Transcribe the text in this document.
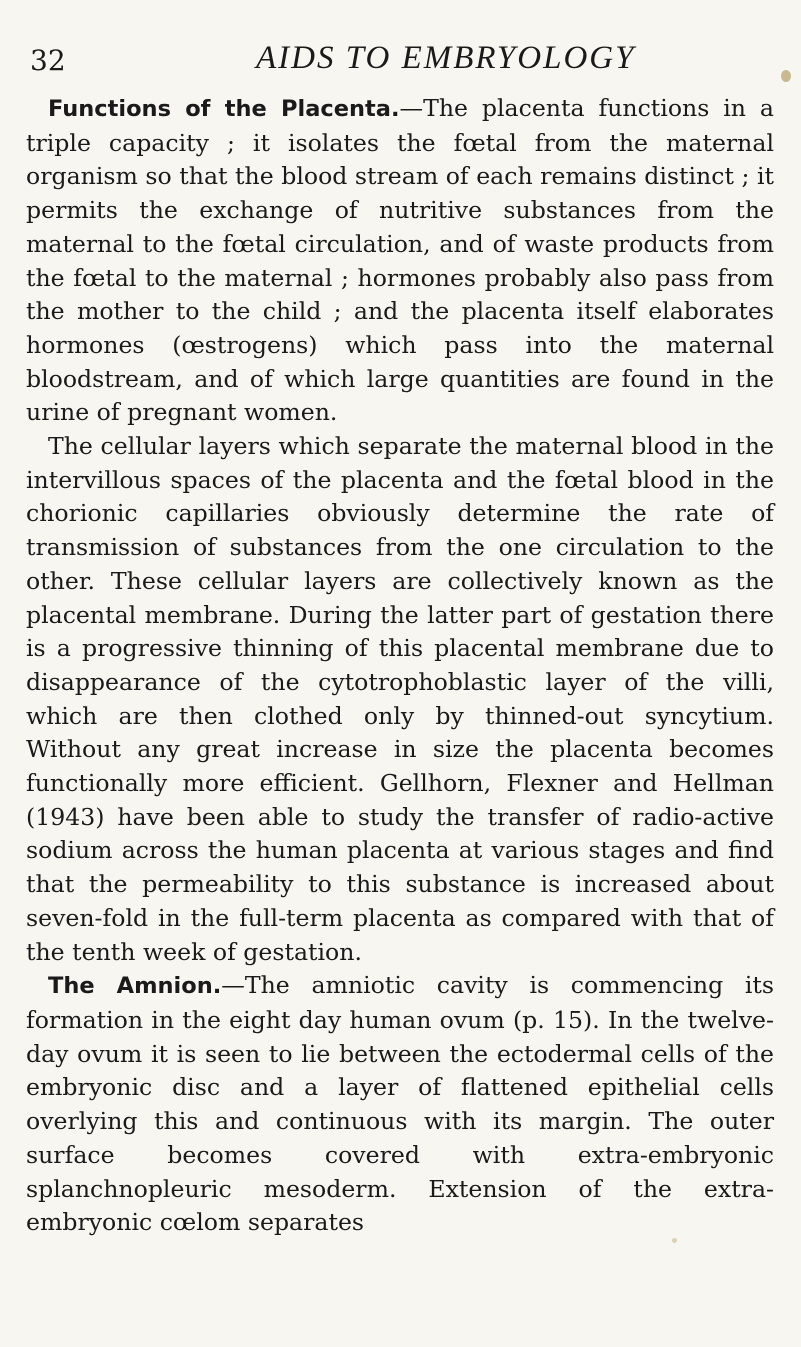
32	AIDS TO EMBRYOLOGY

Functions of the Placenta.—The placenta functions in a triple capacity ; it isolates the fœtal from the maternal organism so that the blood stream of each remains distinct ; it permits the exchange of nutritive substances from the maternal to the fœtal circulation, and of waste products from the fœtal to the maternal ; hormones probably also pass from the mother to the child ; and the placenta itself elaborates hormones (œstrogens) which pass into the maternal bloodstream, and of which large quantities are found in the urine of pregnant women.

The cellular layers which separate the maternal blood in the intervillous spaces of the placenta and the fœtal blood in the chorionic capillaries obviously determine the rate of transmission of substances from the one circulation to the other. These cellular layers are collectively known as the placental membrane. During the latter part of gestation there is a progressive thinning of this placental membrane due to disappearance of the cytotrophoblastic layer of the villi, which are then clothed only by thinned-out syncytium. Without any great increase in size the placenta becomes functionally more efficient. Gellhorn, Flexner and Hellman (1943) have been able to study the transfer of radio-active sodium across the human placenta at various stages and find that the permeability to this substance is increased about seven-fold in the full-term placenta as compared with that of the tenth week of gestation.

The Amnion.—The amniotic cavity is commencing its formation in the eight day human ovum (p. 15). In the twelve-day ovum it is seen to lie between the ectodermal cells of the embryonic disc and a layer of flattened epithelial cells overlying this and continuous with its margin. The outer surface becomes covered with extra-embryonic splanchnopleuric mesoderm. Extension of the extra-embryonic cœlom separates
